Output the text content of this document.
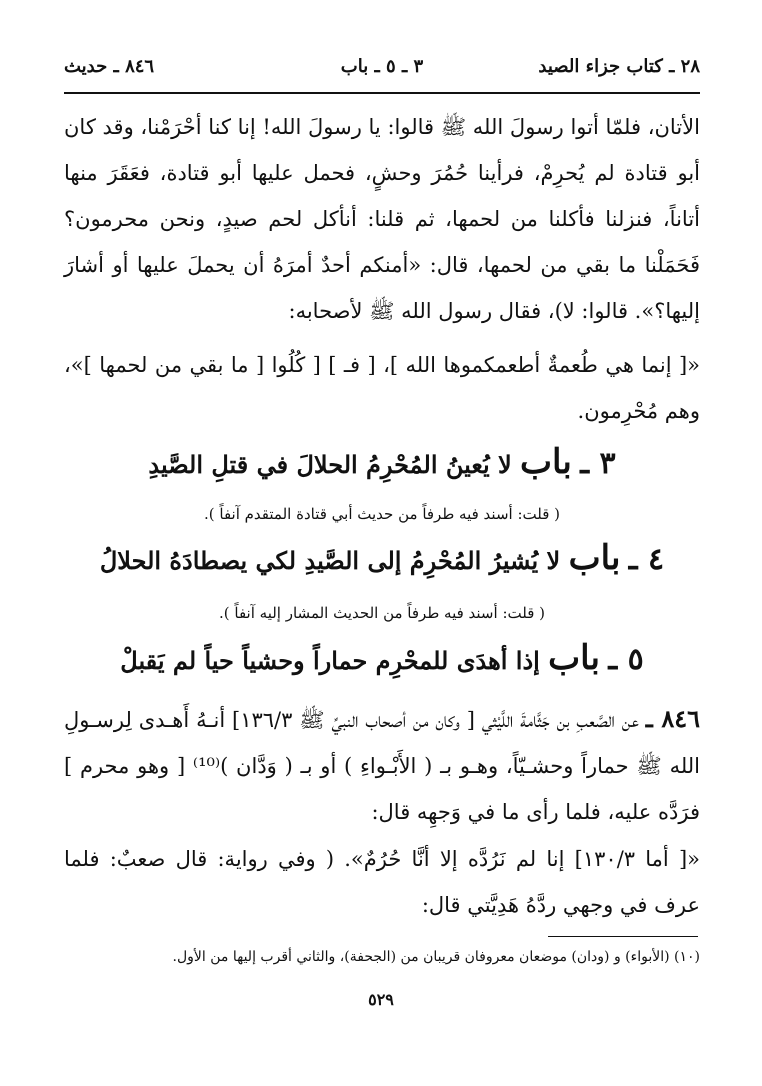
٢٨ ـ كتاب جزاء الصيد
٣ ـ ٥ ـ باب
٨٤٦ ـ حديث
الأتان، فلمّا أتوا رسولَ الله ﷺ قالوا: يا رسولَ الله! إنا كنا أحْرَمْنا، وقد كان أبو قتادة لم يُحرِمْ، فرأينا حُمُرَ وحشٍ، فحمل عليها أبو قتادة، فعَقَرَ منها أتاناً، فنزلنا فأكلنا من لحمها، ثم قلنا: أنأكل لحم صيدٍ، ونحن محرمون؟ فَحَمَلْنا ما بقي من لحمها، قال: «أمنكم أحدٌ أمرَهُ أن يحملَ عليها أو أشارَ إليها؟». قالوا: لا)، فقال رسول الله ﷺ لأصحابه:
«[ إنما هي طُعمةٌ أطعمكموها الله ]، [ فـ ] [ كُلُوا [ ما بقي من لحمها ]»، وهم مُحْرِمون.
٣ ـ باب لا يُعينُ المُحْرِمُ الحلالَ في قتلِ الصَّيدِ
( قلت: أسند فيه طرفاً من حديث أبي قتادة المتقدم آنفاً ).
٤ ـ باب لا يُشيرُ المُحْرِمُ إلى الصَّيدِ لكي يصطادَهُ الحلالُ
( قلت: أسند فيه طرفاً من الحديث المشار إليه آنفاً ).
٥ ـ باب إذا أهدَى للمحْرِم حماراً وحشياً حياً لم يَقبلْ
٨٤٦ ـ عن الصَّعبِ بن جَثَّامةَ اللَّيْثي [ وكان من أصحاب النبيِّ ﷺ ١٣٦/٣] أنـهُ أَهـدى لِرسـولِ الله ﷺ حماراً وحشـيّاً، وهـو بـ ( الأَبْـواءِ ) أو بـ ( وَدَّان )⁽¹⁰⁾ [ وهو محرم ] فرَدَّه عليه، فلما رأى ما في وَجهِه قال:
«[ أما ١٣٠/٣] إنا لم نَرُدَّه إلا أنَّا حُرُمٌ». ( وفي رواية: قال صعبٌ: فلما عرف في وجهي ردَّهُ هَدِيَّتي قال:
(١٠) (الأبواء) و (ودان) موضعان معروفان قريبان من (الجحفة)، والثاني أقرب إليها من الأول.
٥٢٩
